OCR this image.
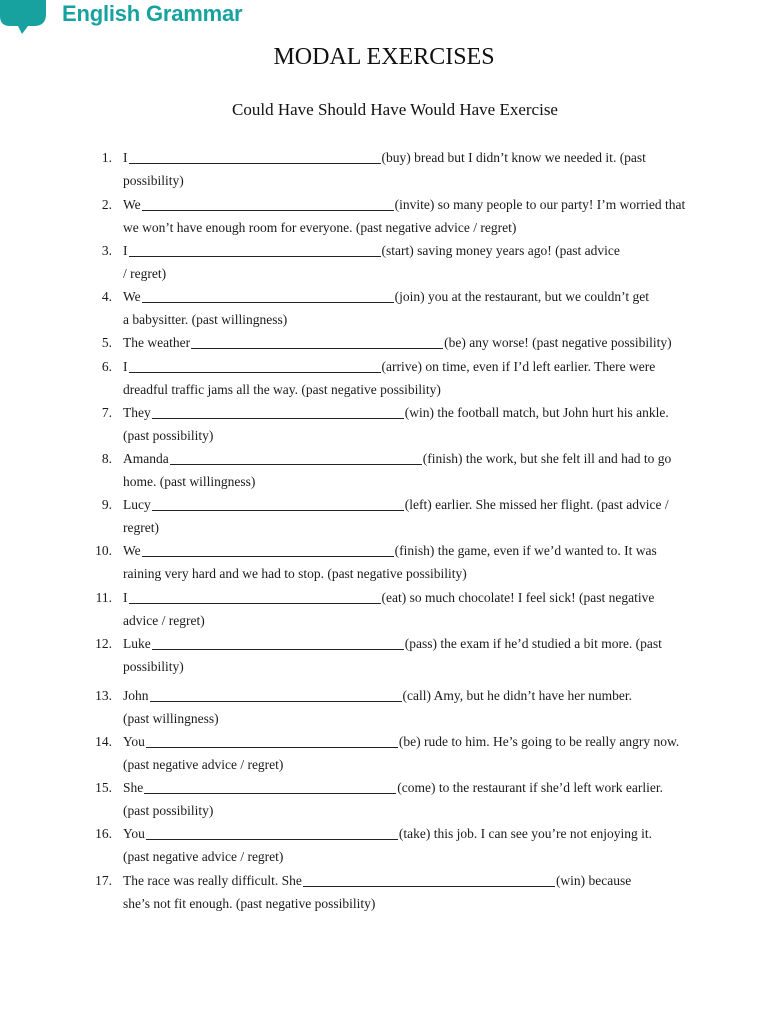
English Grammar
MODAL EXERCISES
Could Have Should Have Would Have Exercise
1. I	(buy) bread but I didn’t know we needed it. (past
possibility)
2. We	(invite) so many people to our party! I’m worried that
we won’t have enough room for everyone. (past negative advice / regret)
3. I	(start) saving money years ago! (past advice
/ regret)
4. We	(join) you at the restaurant, but we couldn’t get
a babysitter. (past willingness)
5. The weather	(be) any worse! (past negative possibility)
6. I	(arrive) on time, even if I’d left earlier. There were
dreadful traffic jams all the way. (past negative possibility)
7. They	(win) the football match, but John hurt his ankle.
(past possibility)
8. Amanda	(finish) the work, but she felt ill and had to go
home. (past willingness)
9. Lucy	(left) earlier. She missed her flight. (past advice /
regret)
10. We	(finish) the game, even if we’d wanted to. It was
raining very hard and we had to stop. (past negative possibility)
11. I	(eat) so much chocolate! I feel sick! (past negative
advice / regret)
12. Luke	(pass) the exam if he’d studied a bit more. (past
possibility)
13. John	(call) Amy, but he didn’t have her number.
(past willingness)
14. You	(be) rude to him. He’s going to be really angry now.
(past negative advice / regret)
15. She	(come) to the restaurant if she’d left work earlier.
(past possibility)
16. You	(take) this job. I can see you’re not enjoying it.
(past negative advice / regret)
17. The race was really difficult. She	(win) because
she’s not fit enough. (past negative possibility)
